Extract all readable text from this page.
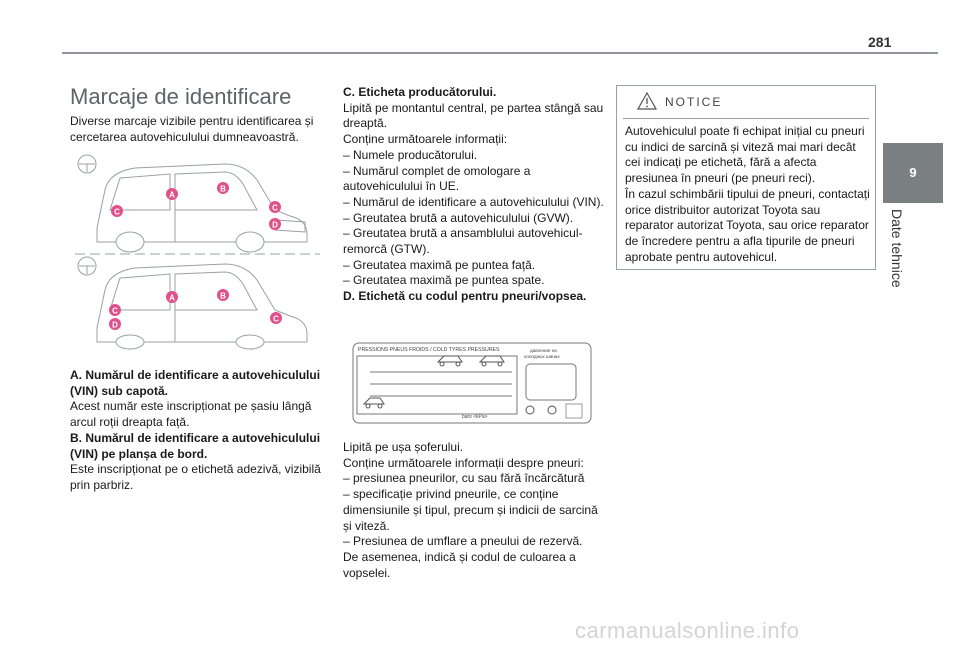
281
9
Date tehnice
Marcaje de identificare

Diverse marcaje vizibile pentru identificarea și cercetarea autovehiculului dumneavoastră.

A
B
C	C
D
A	B
C
D
C

A. Numărul de identificare a autovehiculului (VIN) sub capotă.

Acest număr este inscripționat pe șasiu lângă arcul roții dreapta față.

B. Numărul de identificare a autovehiculului (VIN) pe planșa de bord.

Este inscripționat pe o etichetă adezivă, vizibilă prin parbriz.

C. Eticheta producătorului.

Lipită pe montantul central, pe partea stângă sau dreaptă.

Conține următoarele informații:

– Numele producătorului.

– Numărul complet de omologare a autovehiculului în UE.

– Numărul de identificare a autovehiculului (VIN).

– Greutatea brută a autovehiculului (GVW).

– Greutatea brută a ansamblului autovehicul-remorcă (GTW).

– Greutatea maximă pe puntea față.

– Greutatea maximă pe puntea spate.

D. Etichetă cu codul pentru pneuri/vopsea.

PRESSIONS PNEUS FROIDS / COLD TYRES PRESSURES	давление на
холодных шинах
bars <kPa>

Lipită pe ușa șoferului.

Conține următoarele informații despre pneuri:

– presiunea pneurilor, cu sau fără încărcătură

– specificație privind pneurile, ce conține dimensiunile și tipul, precum și indicii de sarcină și viteză.

– Presiunea de umflare a pneului de rezervă.

De asemenea, indică și codul de culoarea a vopselei.

NOTICE

Autovehiculul poate fi echipat inițial cu pneuri cu indici de sarcină și viteză mai mari decât cei indicați pe etichetă, fără a afecta presiunea în pneuri (pe pneuri reci).

În cazul schimbării tipului de pneuri, contactați orice distribuitor autorizat Toyota sau reparator autorizat Toyota, sau orice reparator de încredere pentru a afla tipurile de pneuri aprobate pentru autovehicul.

carmanualsonline.info
